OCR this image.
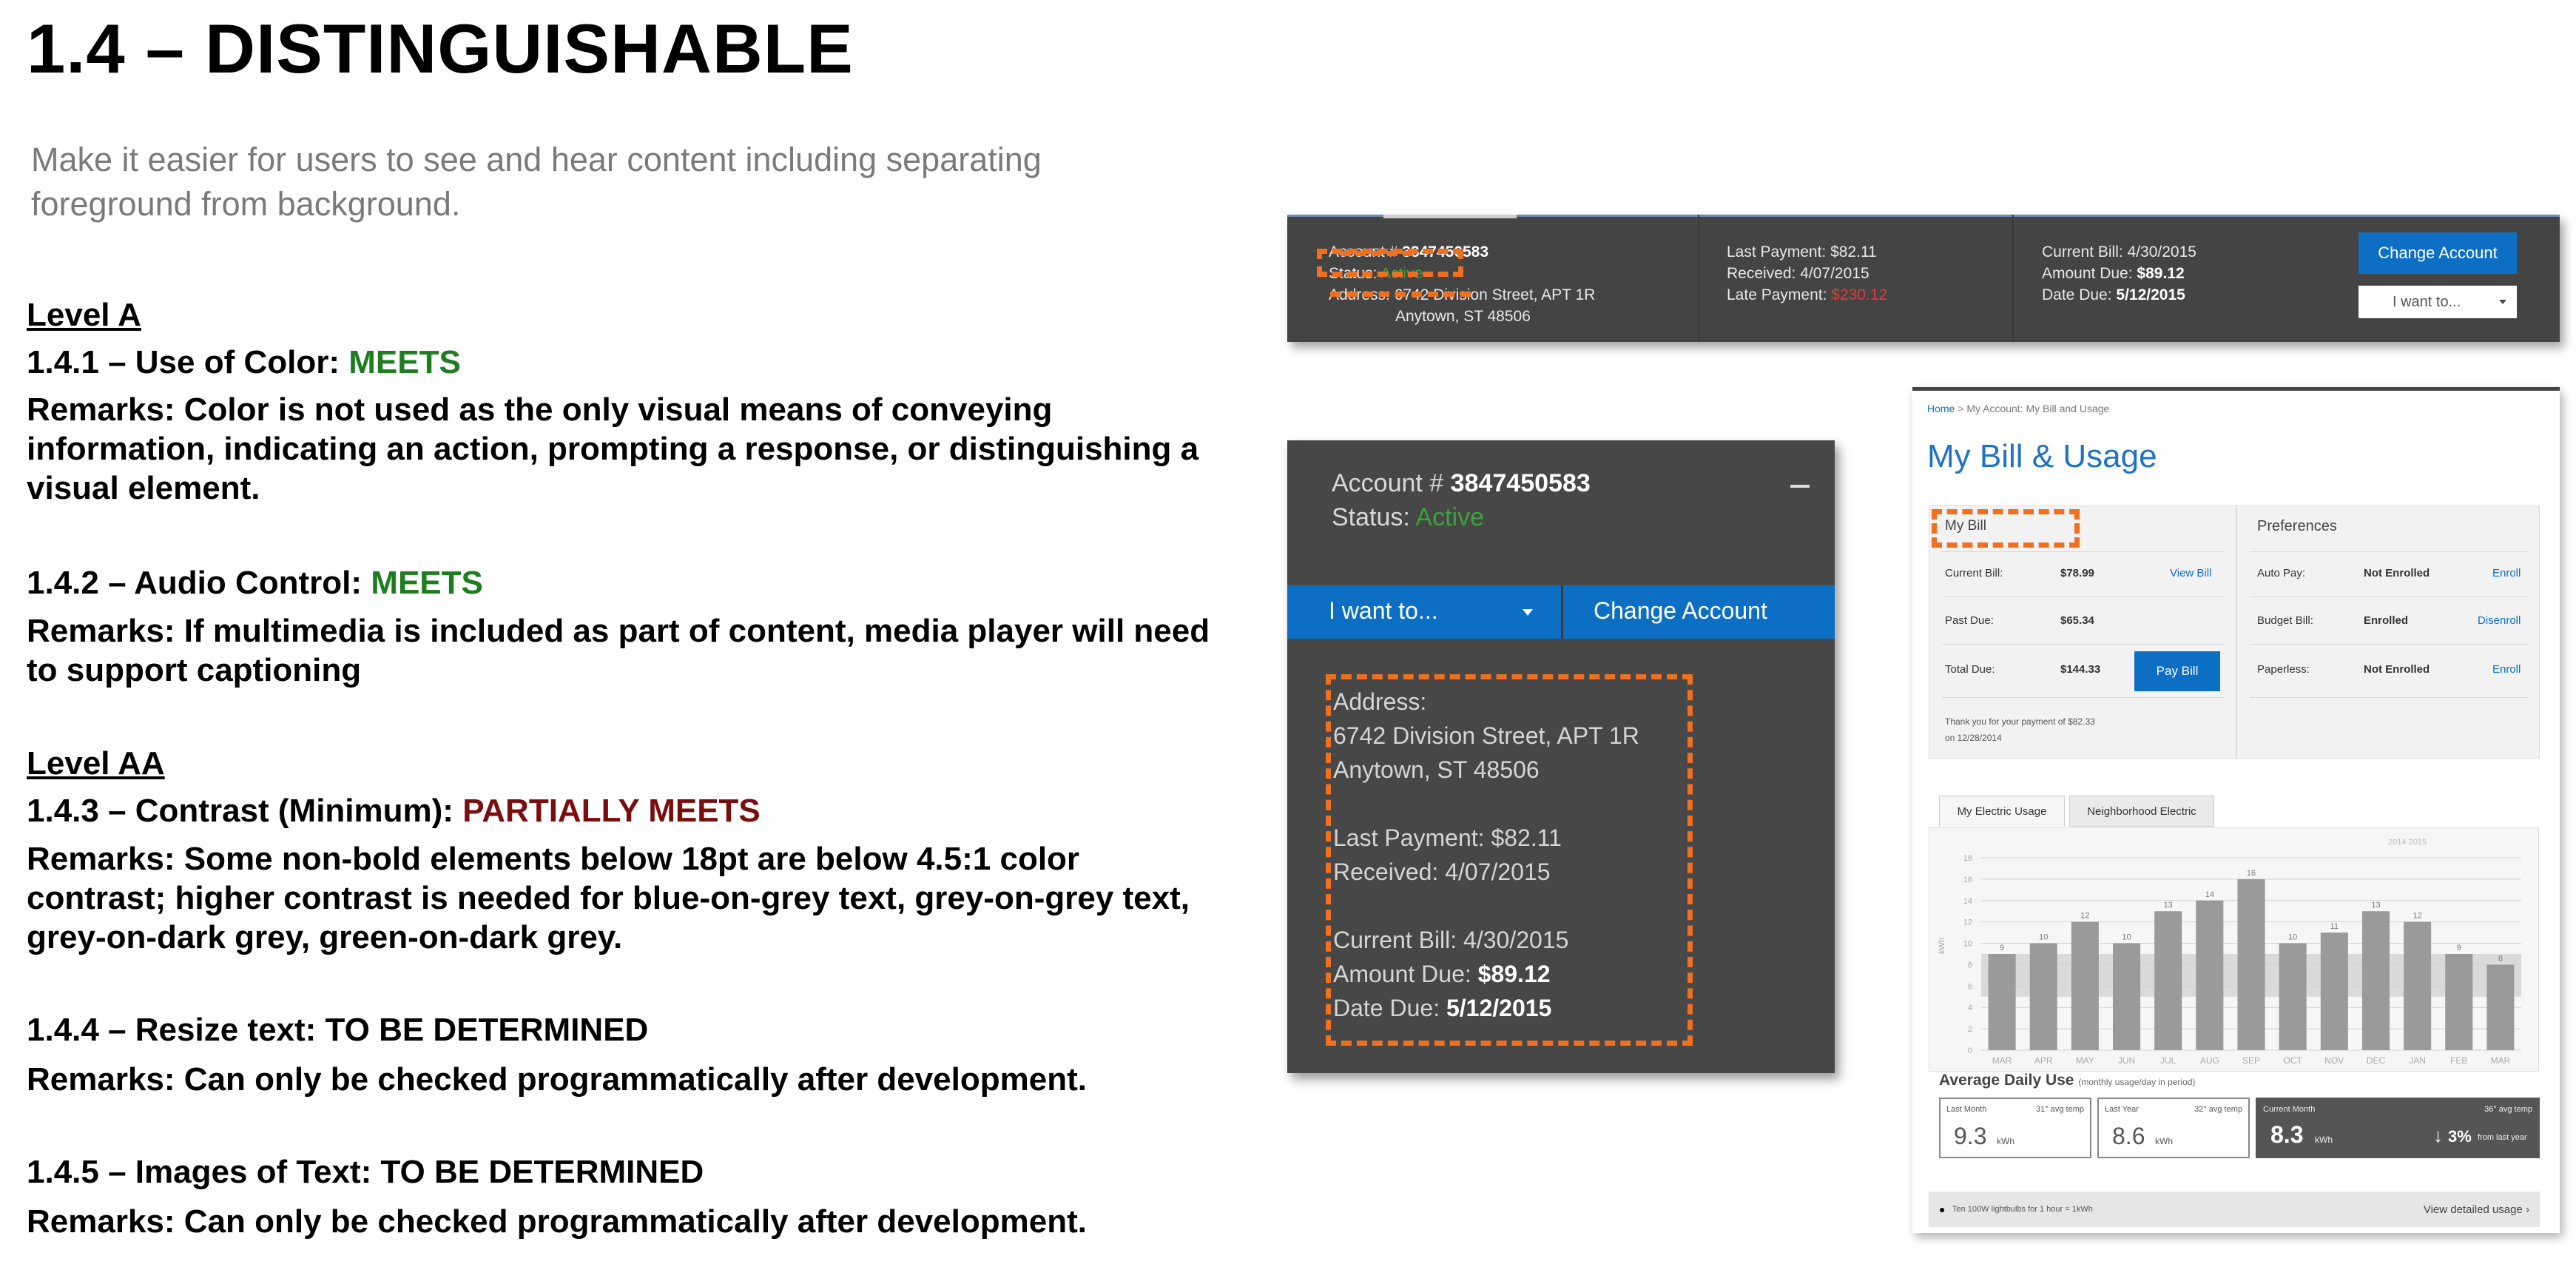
1.4 – DISTINGUISHABLE
Make it easier for users to see and hear content including separating foreground from background.
Level A
1.4.1 – Use of Color: MEETS
Remarks: Color is not used as the only visual means of conveying information, indicating an action, prompting a response, or distinguishing a visual element.
1.4.2 – Audio Control: MEETS
Remarks: If multimedia is included as part of content, media player will need to support captioning
Level AA
1.4.3 – Contrast (Minimum): PARTIALLY MEETS
Remarks: Some non-bold elements below 18pt are below 4.5:1 color contrast; higher contrast is needed for blue-on-grey text, grey-on-grey text, grey-on-dark grey, green-on-dark grey.
1.4.4 – Resize text: TO BE DETERMINED
Remarks: Can only be checked programmatically after development.
1.4.5 – Images of Text: TO BE DETERMINED
Remarks: Can only be checked programmatically after development.
Account # 3847450583
Status: Active
Address: 6742 Division Street, APT 1R
Anytown, ST 48506
Last Payment: $82.11
Received: 4/07/2015
Late Payment: $230.12
Current Bill: 4/30/2015
Amount Due: $89.12
Date Due: 5/12/2015
Change Account
I want to...
Account # 3847450583
Status: Active
I want to...	Change Account
Address:
6742 Division Street, APT 1R
Anytown, ST 48506
Last Payment: $82.11
Received: 4/07/2015
Current Bill: 4/30/2015
Amount Due: $89.12
Date Due: 5/12/2015
Home > My Account: My Bill and Usage
My Bill & Usage
My Bill	Preferences
Current Bill:	$78.99	View Bill
Past Due:	$65.34
Total Due:	$144.33	Pay Bill
Thank you for your payment of $82.33
on 12/28/2014
Auto Pay:	Not Enrolled	Enroll
Budget Bill:	Enrolled	Disenroll
Paperless:	Not Enrolled	Enroll
My Electric Usage	Neighborhood Electric
0
2
4
6
8
10
12
14
16
18
kWh
2014 2015
9
MAR
10
APR
12
MAY
10
JUN
13
JUL
14
AUG
16
SEP
10
OCT
11
NOV
13
DEC
12
JAN
9
FEB
8
MAR
Average Daily Use (monthly usage/day in period)
Last Month	31° avg temp
9.3 kWh
Last Year	32° avg temp
8.6 kWh
Current Month	36° avg temp
8.3 kWh	↓ 3% from last year
● Ten 100W lightbulbs for 1 hour = 1kWh	View detailed usage ›
